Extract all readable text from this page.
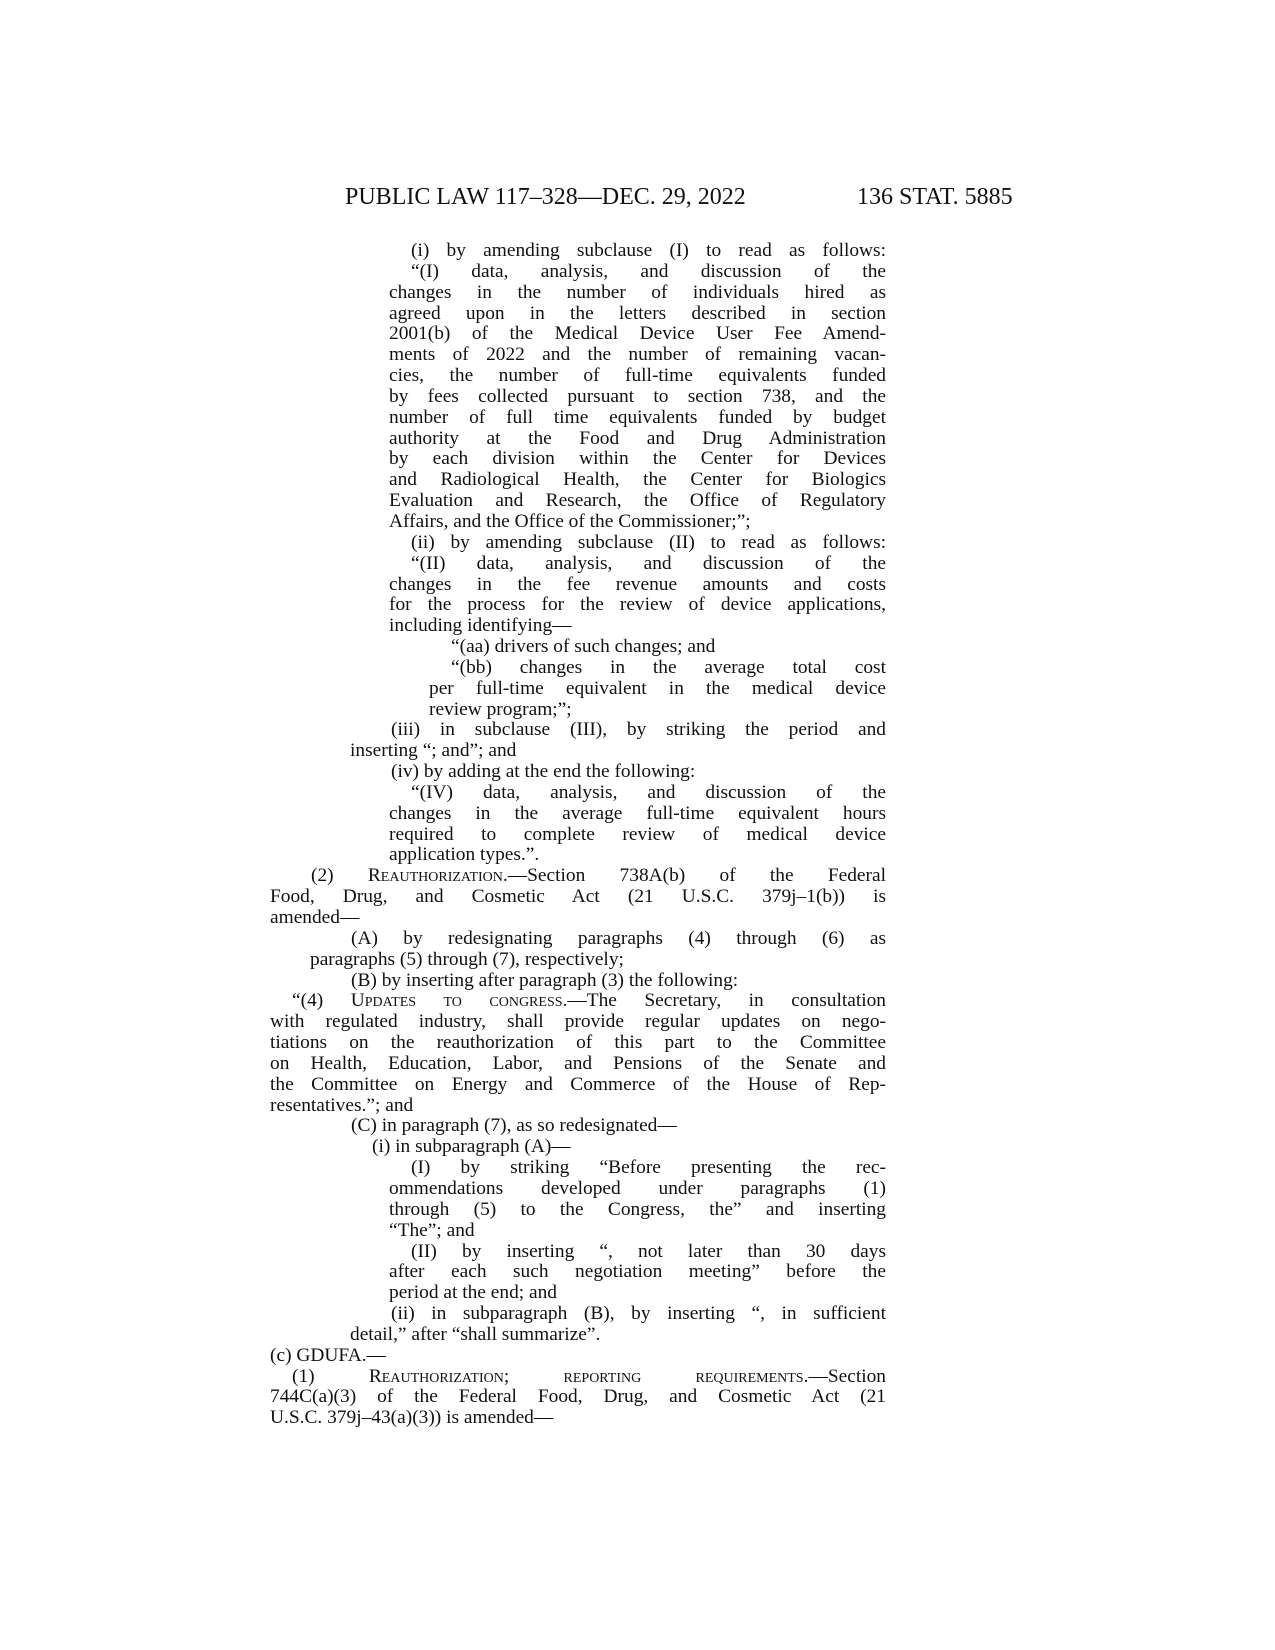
PUBLIC LAW 117–328—DEC. 29, 2022	136 STAT. 5885
(i) by amending subclause (I) to read as follows:
“(I) data, analysis, and discussion of the
changes in the number of individuals hired as
agreed upon in the letters described in section
2001(b) of the Medical Device User Fee Amend-
ments of 2022 and the number of remaining vacan-
cies, the number of full-time equivalents funded
by fees collected pursuant to section 738, and the
number of full time equivalents funded by budget
authority at the Food and Drug Administration
by each division within the Center for Devices
and Radiological Health, the Center for Biologics
Evaluation and Research, the Office of Regulatory
Affairs, and the Office of the Commissioner;”;
(ii) by amending subclause (II) to read as follows:
“(II) data, analysis, and discussion of the
changes in the fee revenue amounts and costs
for the process for the review of device applications,
including identifying—
“(aa) drivers of such changes; and
“(bb) changes in the average total cost
per full-time equivalent in the medical device
review program;”;
(iii) in subclause (III), by striking the period and
inserting “; and”; and
(iv) by adding at the end the following:
“(IV) data, analysis, and discussion of the
changes in the average full-time equivalent hours
required to complete review of medical device
application types.”.
(2) Reauthorization.—Section 738A(b) of the Federal
Food, Drug, and Cosmetic Act (21 U.S.C. 379j–1(b)) is
amended—
(A) by redesignating paragraphs (4) through (6) as
paragraphs (5) through (7), respectively;
(B) by inserting after paragraph (3) the following:
“(4) Updates to congress.—The Secretary, in consultation
with regulated industry, shall provide regular updates on nego-
tiations on the reauthorization of this part to the Committee
on Health, Education, Labor, and Pensions of the Senate and
the Committee on Energy and Commerce of the House of Rep-
resentatives.”; and
(C) in paragraph (7), as so redesignated—
(i) in subparagraph (A)—
(I) by striking “Before presenting the rec-
ommendations developed under paragraphs (1)
through (5) to the Congress, the” and inserting
“The”; and
(II) by inserting “, not later than 30 days
after each such negotiation meeting” before the
period at the end; and
(ii) in subparagraph (B), by inserting “, in sufficient
detail,” after “shall summarize”.
(c) GDUFA.—
(1) Reauthorization; reporting requirements.—Section
744C(a)(3) of the Federal Food, Drug, and Cosmetic Act (21
U.S.C. 379j–43(a)(3)) is amended—
